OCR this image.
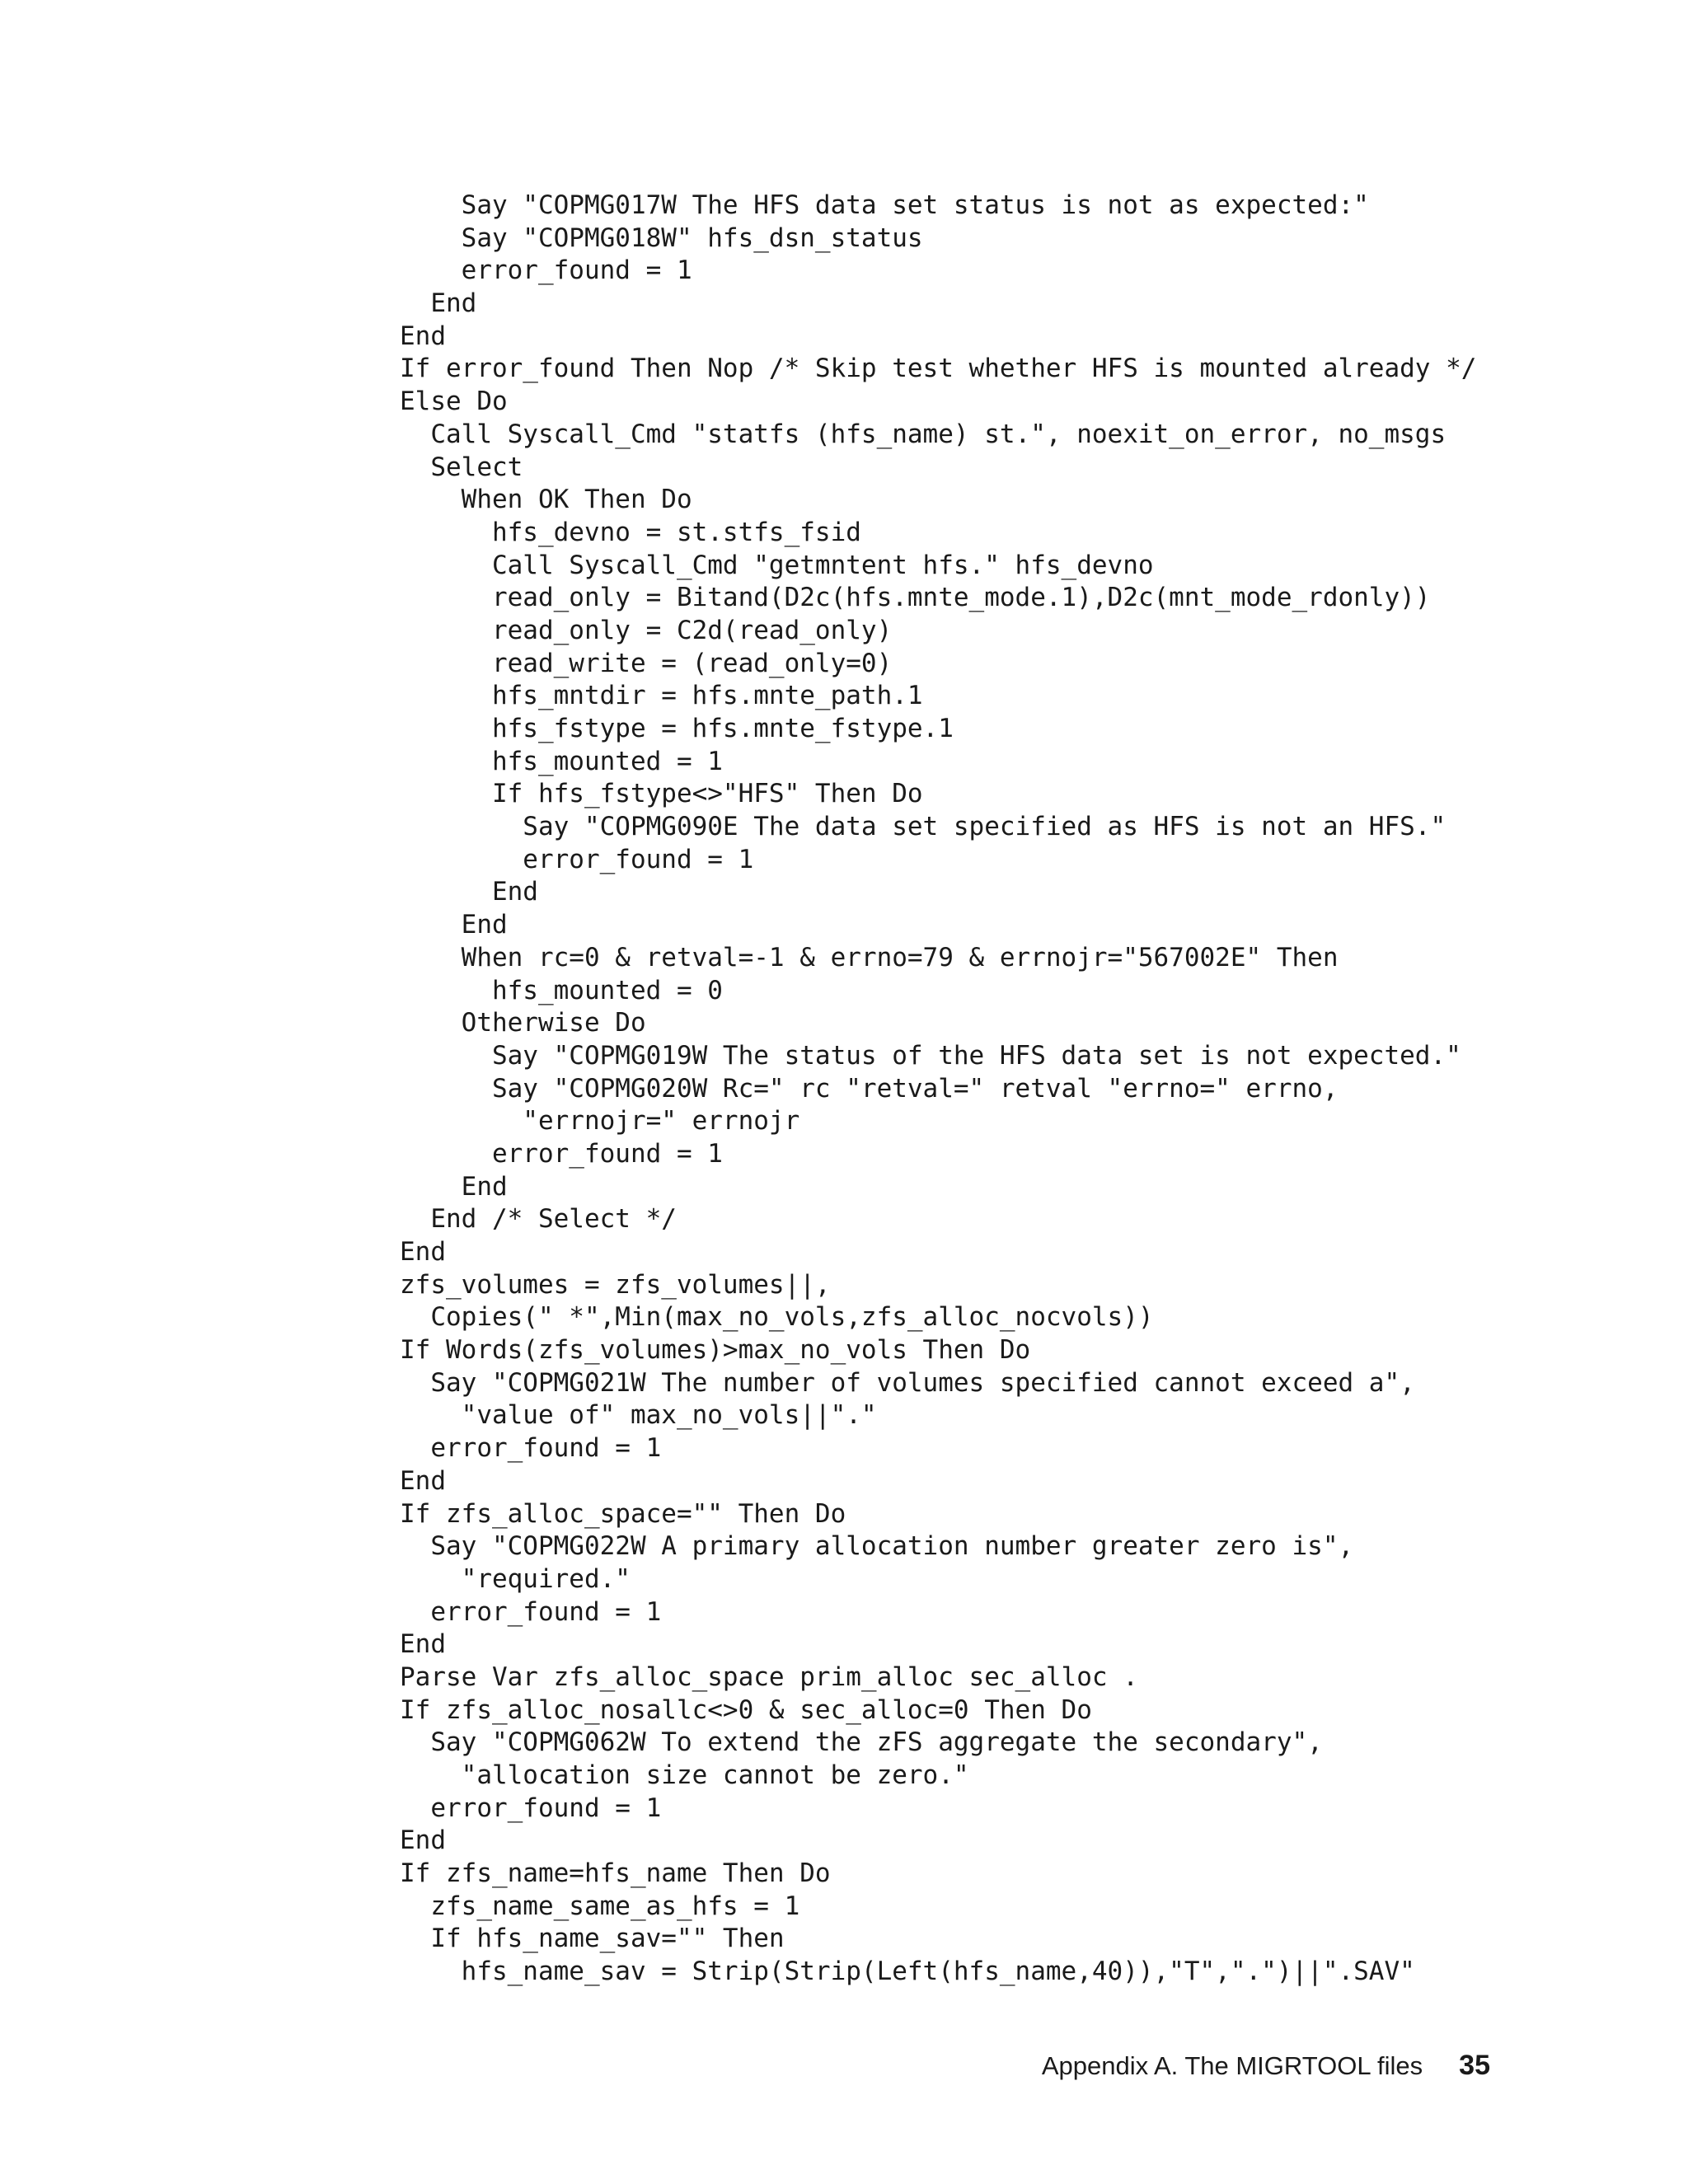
Say "COPMG017W The HFS data set status is not as expected:"
Say "COPMG018W" hfs_dsn_status
error_found = 1
End
End
If error_found Then Nop /* Skip test whether HFS is mounted already */
Else Do
Call Syscall_Cmd "statfs (hfs_name) st.", noexit_on_error, no_msgs
Select
When OK Then Do
hfs_devno = st.stfs_fsid
Call Syscall_Cmd "getmntent hfs." hfs_devno
read_only = Bitand(D2c(hfs.mnte_mode.1),D2c(mnt_mode_rdonly))
read_only = C2d(read_only)
read_write = (read_only=0)
hfs_mntdir = hfs.mnte_path.1
hfs_fstype = hfs.mnte_fstype.1
hfs_mounted = 1
If hfs_fstype<>"HFS" Then Do
Say "COPMG090E The data set specified as HFS is not an HFS."
error_found = 1
End
End
When rc=0 & retval=-1 & errno=79 & errnojr="567002E" Then
hfs_mounted = 0
Otherwise Do
Say "COPMG019W The status of the HFS data set is not expected."
Say "COPMG020W Rc=" rc "retval=" retval "errno=" errno,
"errnojr=" errnojr
error_found = 1
End
End /* Select */
End
zfs_volumes = zfs_volumes||,
Copies(" *",Min(max_no_vols,zfs_alloc_nocvols))
If Words(zfs_volumes)>max_no_vols Then Do
Say "COPMG021W The number of volumes specified cannot exceed a",
"value of" max_no_vols||"."
error_found = 1
End
If zfs_alloc_space="" Then Do
Say "COPMG022W A primary allocation number greater zero is",
"required."
error_found = 1
End
Parse Var zfs_alloc_space prim_alloc sec_alloc .
If zfs_alloc_nosallc<>0 & sec_alloc=0 Then Do
Say "COPMG062W To extend the zFS aggregate the secondary",
"allocation size cannot be zero."
error_found = 1
End
If zfs_name=hfs_name Then Do
zfs_name_same_as_hfs = 1
If hfs_name_sav="" Then
hfs_name_sav = Strip(Strip(Left(hfs_name,40)),"T",".")||".SAV"
Appendix A. The MIGRTOOL files 35
